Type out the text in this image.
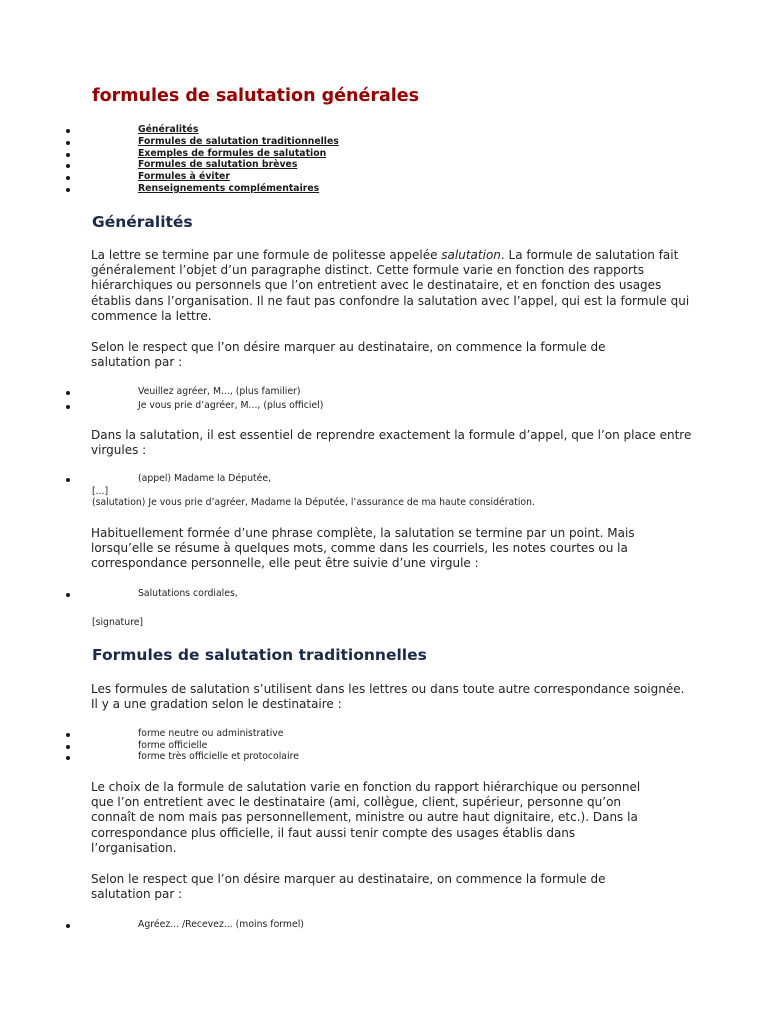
formules de salutation générales
Généralités
Formules de salutation traditionnelles
Exemples de formules de salutation
Formules de salutation brèves
Formules à éviter
Renseignements complémentaires
Généralités

La lettre se termine par une formule de politesse appelée salutation. La formule de salutation fait généralement l’objet d’un paragraphe distinct. Cette formule varie en fonction des rapports hiérarchiques ou personnels que l’on entretient avec le destinataire, et en fonction des usages établis dans l’organisation. Il ne faut pas confondre la salutation avec l’appel, qui est la formule qui commence la lettre.

Selon le respect que l’on désire marquer au destinataire, on commence la formule de salutation par :

Veuillez agréer, M..., (plus familier)
Je vous prie d’agréer, M..., (plus officiel)

Dans la salutation, il est essentiel de reprendre exactement la formule d’appel, que l’on place entre virgules :

(appel) Madame la Députée,
[...]
(salutation) Je vous prie d’agréer, Madame la Députée, l’assurance de ma haute considération.

Habituellement formée d’une phrase complète, la salutation se termine par un point. Mais lorsqu’elle se résume à quelques mots, comme dans les courriels, les notes courtes ou la correspondance personnelle, elle peut être suivie d’une virgule :

Salutations cordiales,
[signature]
Formules de salutation traditionnelles

Les formules de salutation s’utilisent dans les lettres ou dans toute autre correspondance soignée. Il y a une gradation selon le destinataire :

forme neutre ou administrative
forme officielle
forme très officielle et protocolaire

Le choix de la formule de salutation varie en fonction du rapport hiérarchique ou personnel que l’on entretient avec le destinataire (ami, collègue, client, supérieur, personne qu’on connaît de nom mais pas personnellement, ministre ou autre haut dignitaire, etc.). Dans la correspondance plus officielle, il faut aussi tenir compte des usages établis dans l’organisation.

Selon le respect que l’on désire marquer au destinataire, on commence la formule de salutation par :

Agréez... /Recevez... (moins formel)
